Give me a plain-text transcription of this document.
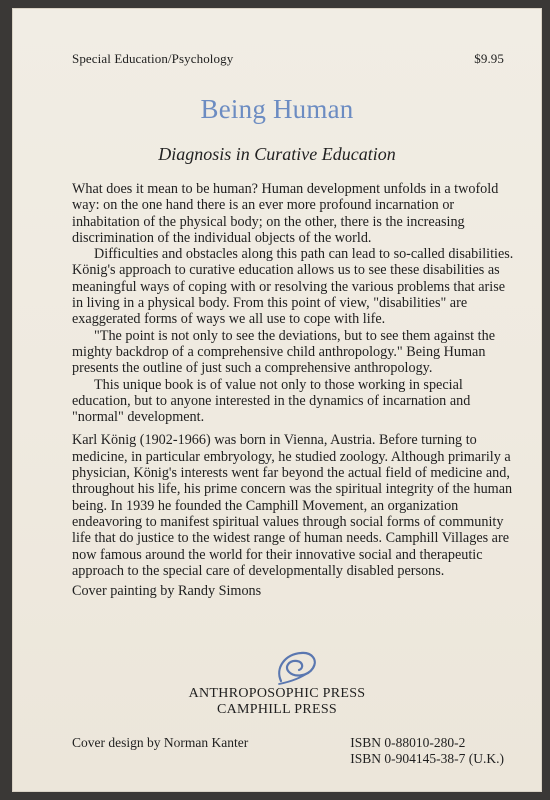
Special Education/Psychology	$9.95
Being Human
Diagnosis in Curative Education

What does it mean to be human? Human development unfolds in a twofold way: on the one hand there is an ever more profound incarnation or inhabitation of the physical body; on the other, there is the increasing discrimination of the individual objects of the world.

Difficulties and obstacles along this path can lead to so-called disabilities. König's approach to curative education allows us to see these disabilities as meaningful ways of coping with or resolving the various problems that arise in living in a physical body. From this point of view, "disabilities" are exaggerated forms of ways we all use to cope with life.

"The point is not only to see the deviations, but to see them against the mighty backdrop of a comprehensive child anthropology." Being Human presents the outline of just such a comprehensive anthropology.

This unique book is of value not only to those working in special education, but to anyone interested in the dynamics of incarnation and "normal" development.

Karl König (1902-1966) was born in Vienna, Austria. Before turning to medicine, in particular embryology, he studied zoology. Although primarily a physician, König's interests went far beyond the actual field of medicine and, throughout his life, his prime concern was the spiritual integrity of the human being. In 1939 he founded the Camphill Movement, an organization endeavoring to manifest spiritual values through social forms of community life that do justice to the widest range of human needs. Camphill Villages are now famous around the world for their innovative social and therapeutic approach to the special care of developmentally disabled persons.

Cover painting by Randy Simons

ANTHROPOSOPHIC PRESS
CAMPHILL PRESS
Cover design by Norman Kanter	ISBN 0-88010-280-2
ISBN 0-904145-38-7 (U.K.)
